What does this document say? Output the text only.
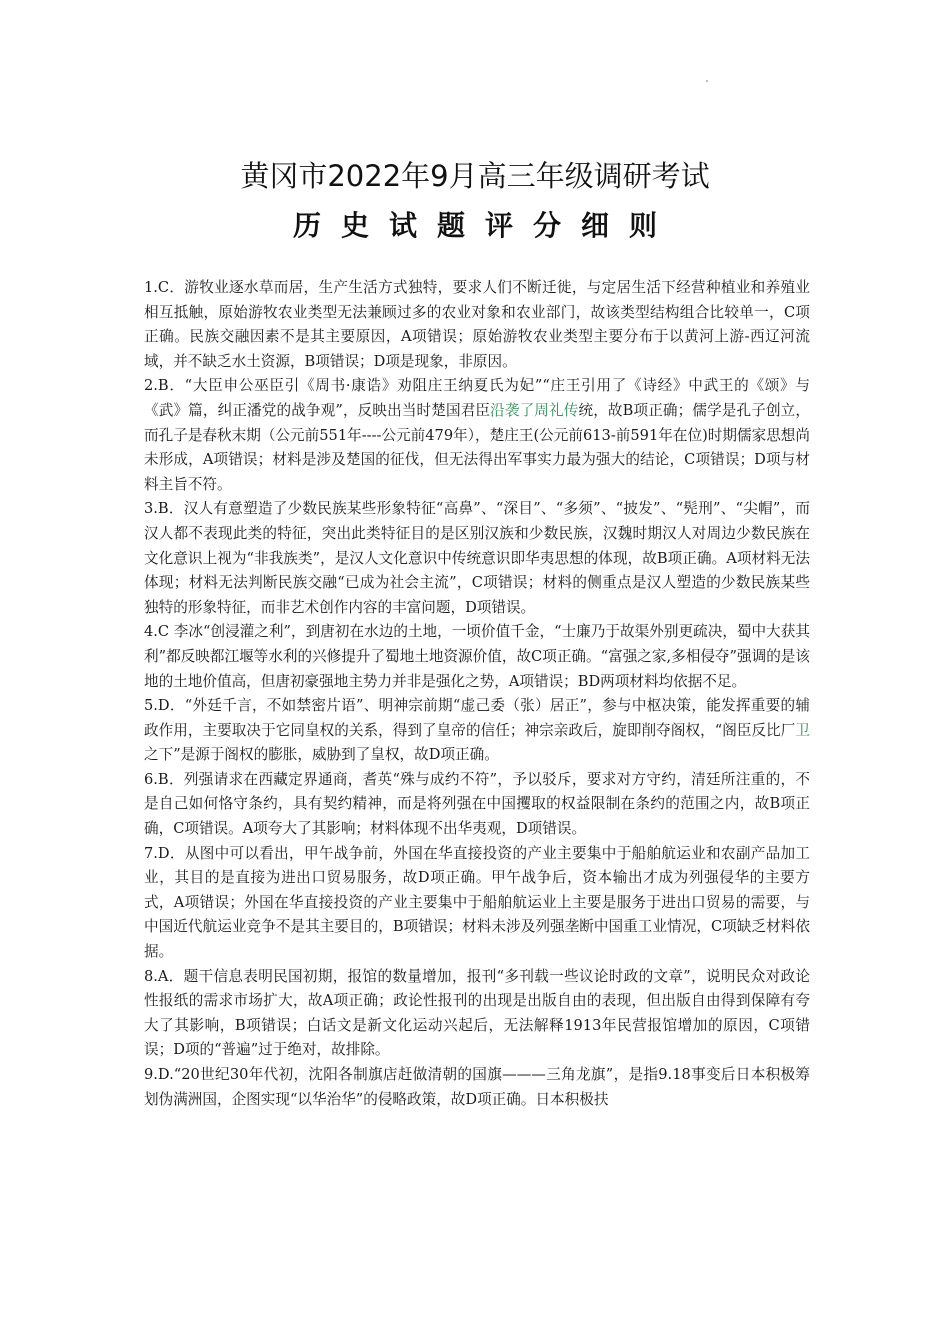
黄冈市2022年9月高三年级调研考试
历史试题评分细则

1.C．游牧业逐水草而居，生产生活方式独特，要求人们不断迁徙，与定居生活下经营种植业和养殖业相互抵触，原始游牧农业类型无法兼顾过多的农业对象和农业部门，故该类型结构组合比较单一，C项正确。民族交融因素不是其主要原因，A项错误；原始游牧农业类型主要分布于以黄河上游-西辽河流域，并不缺乏水土资源，B项错误；D项是现象，非原因。

2.B．“大臣申公巫臣引《周书·康诰》劝阻庄王纳夏氏为妃”“庄王引用了《诗经》中武王的《颂》与《武》篇，纠正潘党的战争观”，反映出当时楚国君臣沿袭了周礼传统，故B项正确；儒学是孔子创立，而孔子是春秋末期（公元前551年----公元前479年），楚庄王(公元前613-前591年在位)时期儒家思想尚未形成，A项错误；材料是涉及楚国的征伐，但无法得出军事实力最为强大的结论，C项错误；D项与材料主旨不符。

3.B．汉人有意塑造了少数民族某些形象特征“高鼻”、“深目”、“多须”、“披发”、“髡刑”、“尖帽”，而汉人都不表现此类的特征，突出此类特征目的是区别汉族和少数民族，汉魏时期汉人对周边少数民族在文化意识上视为“非我族类”，是汉人文化意识中传统意识即华夷思想的体现，故B项正确。A项材料无法体现；材料无法判断民族交融“已成为社会主流”，C项错误；材料的侧重点是汉人塑造的少数民族某些独特的形象特征，而非艺术创作内容的丰富问题，D项错误。

4.C 李冰“创浸灌之利”，到唐初在水边的土地，一顷价值千金，“士廉乃于故渠外别更疏决，蜀中大获其利”都反映都江堰等水利的兴修提升了蜀地土地资源价值，故C项正确。“富强之家,多相侵夺”强调的是该地的土地价值高，但唐初豪强地主势力并非是强化之势，A项错误；BD两项材料均依据不足。

5.D．“外廷千言，不如禁密片语”、明神宗前期“虚己委（张）居正”，参与中枢决策，能发挥重要的辅政作用，主要取决于它同皇权的关系，得到了皇帝的信任；神宗亲政后，旋即削夺阁权，“阁臣反比厂卫之下”是源于阁权的膨胀，威胁到了皇权，故D项正确。

6.B．列强请求在西藏定界通商，耆英“殊与成约不符”，予以驳斥，要求对方守约，清廷所注重的，不是自己如何恪守条约，具有契约精神，而是将列强在中国攫取的权益限制在条约的范围之内，故B项正确，C项错误。A项夸大了其影响；材料体现不出华夷观，D项错误。

7.D．从图中可以看出，甲午战争前，外国在华直接投资的产业主要集中于船舶航运业和农副产品加工业，其目的是直接为进出口贸易服务，故D项正确。甲午战争后，资本输出才成为列强侵华的主要方式，A项错误；外国在华直接投资的产业主要集中于船舶航运业上主要是服务于进出口贸易的需要，与中国近代航运业竞争不是其主要目的，B项错误；材料未涉及列强垄断中国重工业情况，C项缺乏材料依据。

8.A．题干信息表明民国初期，报馆的数量增加，报刊“多刊载一些议论时政的文章”，说明民众对政论性报纸的需求市场扩大，故A项正确；政论性报刊的出现是出版自由的表现，但出版自由得到保障有夸大了其影响，B项错误；白话文是新文化运动兴起后，无法解释1913年民营报馆增加的原因，C项错误；D项的“普遍”过于绝对，故排除。

9.D.“20世纪30年代初，沈阳各制旗店赶做清朝的国旗———三角龙旗”，是指9.18事变后日本积极筹划伪满洲国，企图实现“以华治华”的侵略政策，故D项正确。日本积极扶
